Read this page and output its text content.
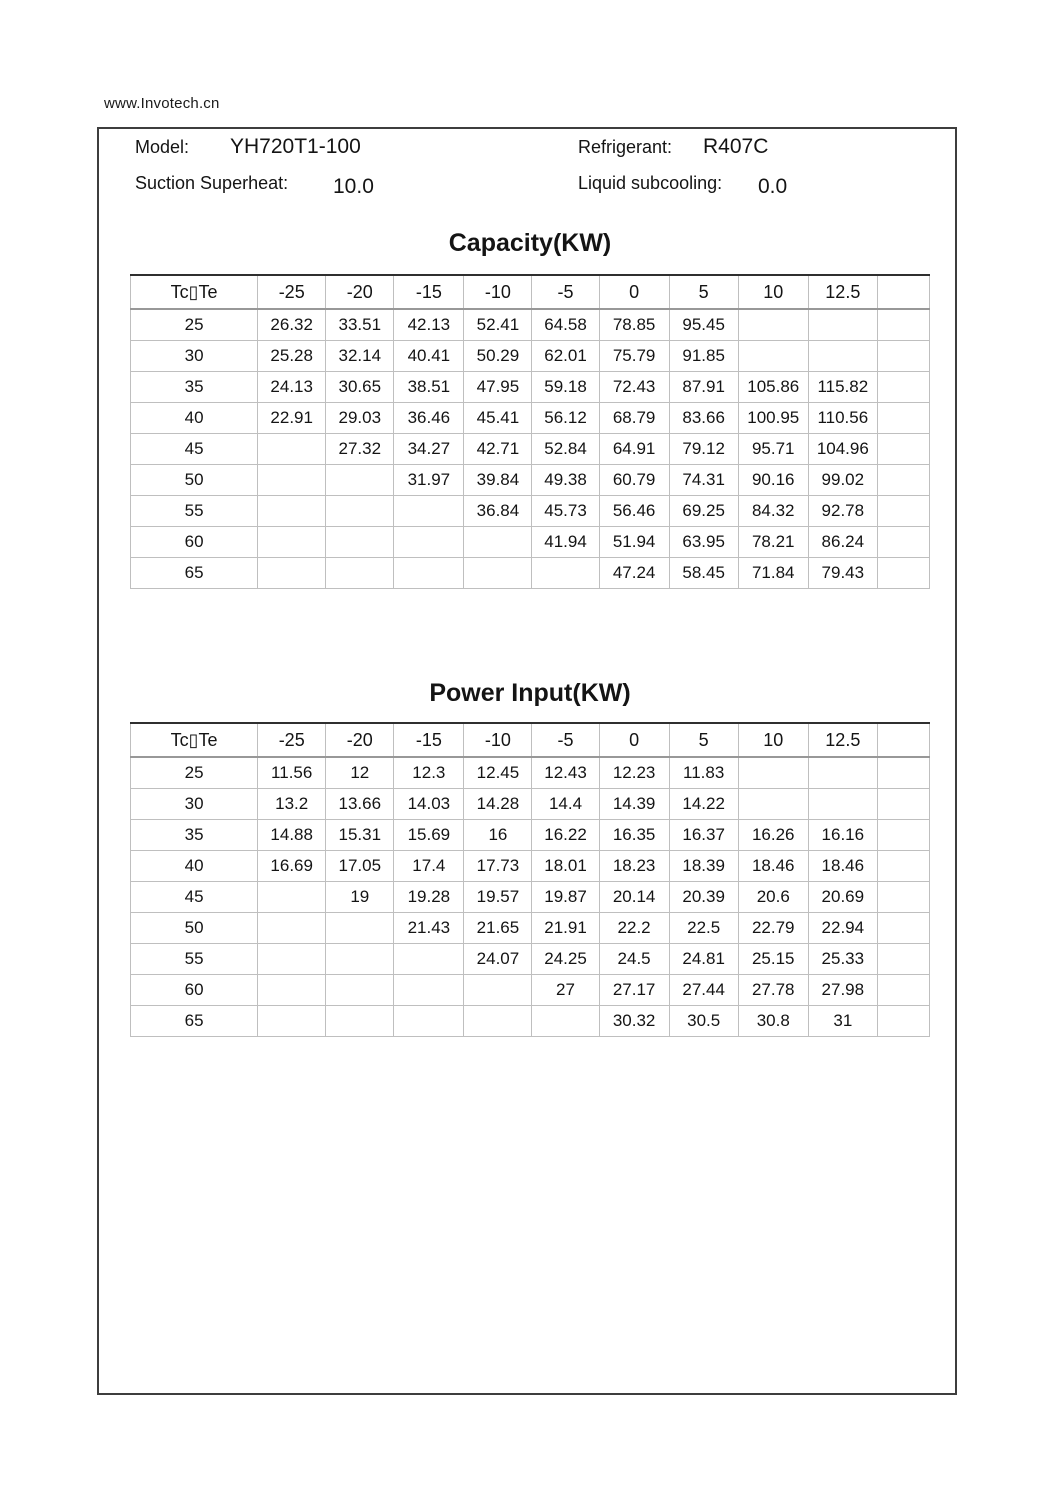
www.Invotech.cn
Model: YH720T1-100	Refrigerant: R407C
Suction Superheat: 10.0	Liquid subcooling: 0.0
Capacity(KW)
Tc▯Te	-25	-20	-15	-10	-5	0	5	10	12.5	
25	26.32	33.51	42.13	52.41	64.58	78.85	95.45			
30	25.28	32.14	40.41	50.29	62.01	75.79	91.85			
35	24.13	30.65	38.51	47.95	59.18	72.43	87.91	105.86	115.82	
40	22.91	29.03	36.46	45.41	56.12	68.79	83.66	100.95	110.56	
45		27.32	34.27	42.71	52.84	64.91	79.12	95.71	104.96	
50			31.97	39.84	49.38	60.79	74.31	90.16	99.02	
55				36.84	45.73	56.46	69.25	84.32	92.78	
60					41.94	51.94	63.95	78.21	86.24	
65						47.24	58.45	71.84	79.43	
Power Input(KW)
Tc▯Te	-25	-20	-15	-10	-5	0	5	10	12.5	
25	11.56	12	12.3	12.45	12.43	12.23	11.83			
30	13.2	13.66	14.03	14.28	14.4	14.39	14.22			
35	14.88	15.31	15.69	16	16.22	16.35	16.37	16.26	16.16	
40	16.69	17.05	17.4	17.73	18.01	18.23	18.39	18.46	18.46	
45		19	19.28	19.57	19.87	20.14	20.39	20.6	20.69	
50			21.43	21.65	21.91	22.2	22.5	22.79	22.94	
55				24.07	24.25	24.5	24.81	25.15	25.33	
60					27	27.17	27.44	27.78	27.98	
65						30.32	30.5	30.8	31	
